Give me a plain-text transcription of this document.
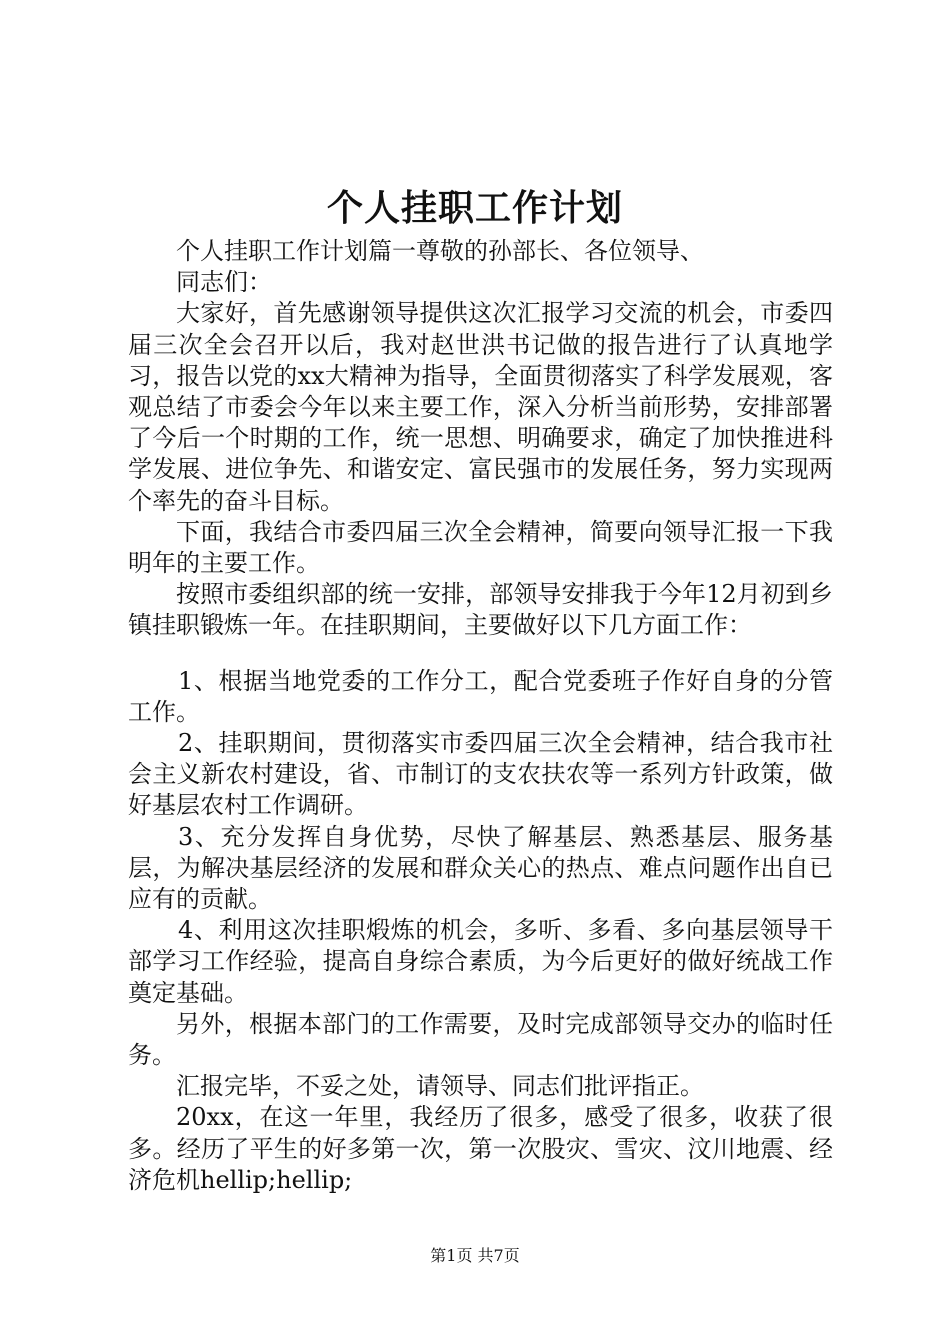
个人挂职工作计划

个人挂职工作计划篇一尊敬的孙部长、各位领导、

同志们：

大家好，首先感谢领导提供这次汇报学习交流的机会，市委四届三次全会召开以后，我对赵世洪书记做的报告进行了认真地学习，报告以党的xx大精神为指导，全面贯彻落实了科学发展观，客观总结了市委会今年以来主要工作，深入分析当前形势，安排部署了今后一个时期的工作，统一思想、明确要求，确定了加快推进科学发展、进位争先、和谐安定、富民强市的发展任务，努力实现两个率先的奋斗目标。

下面，我结合市委四届三次全会精神，简要向领导汇报一下我明年的主要工作。

按照市委组织部的统一安排，部领导安排我于今年12月初到乡镇挂职锻炼一年。在挂职期间，主要做好以下几方面工作：

1、根据当地党委的工作分工，配合党委班子作好自身的分管工作。

2、挂职期间，贯彻落实市委四届三次全会精神，结合我市社会主义新农村建设，省、市制订的支农扶农等一系列方针政策，做好基层农村工作调研。

3、充分发挥自身优势，尽快了解基层、熟悉基层、服务基层，为解决基层经济的发展和群众关心的热点、难点问题作出自已应有的贡献。

4、利用这次挂职煅炼的机会，多听、多看、多向基层领导干部学习工作经验，提高自身综合素质，为今后更好的做好统战工作奠定基础。

另外，根据本部门的工作需要，及时完成部领导交办的临时任务。

汇报完毕，不妥之处，请领导、同志们批评指正。

20xx，在这一年里，我经历了很多，感受了很多，收获了很多。经历了平生的好多第一次，第一次股灾、雪灾、汶川地震、经济危机hellip;hellip;

第1页 共7页
